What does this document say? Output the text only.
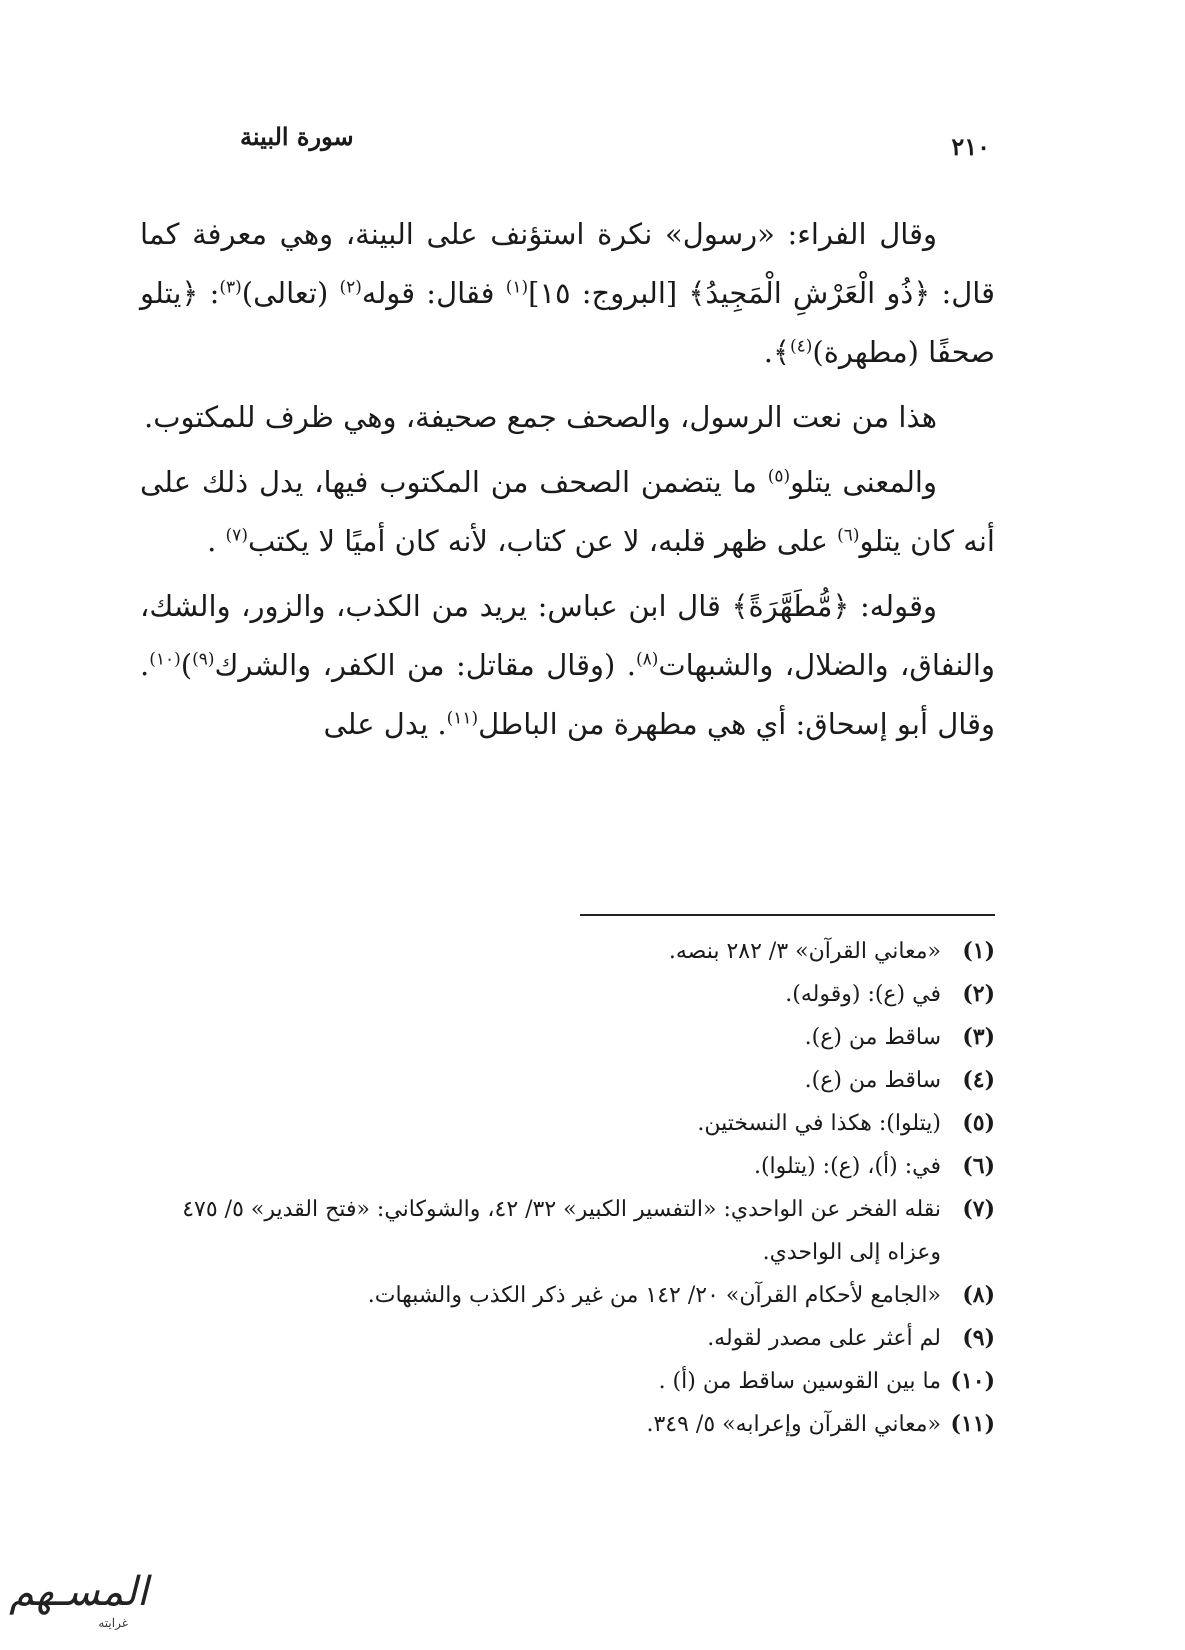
٢١٠
سورة البينة

وقال الفراء: «رسول» نكرة استؤنف على البينة، وهي معرفة كما قال: ﴿ذُو الْعَرْشِ الْمَجِيدُ﴾ [البروج: ١٥]$^{(١)}$ فقال: قوله$^{(٢)}$ (تعالى)$^{(٣)}$: ﴿يتلو صحفًا (مطهرة)$^{(٤)}$﴾.

هذا من نعت الرسول، والصحف جمع صحيفة، وهي ظرف للمكتوب.

والمعنى يتلو$^{(٥)}$ ما يتضمن الصحف من المكتوب فيها، يدل ذلك على أنه كان يتلو$^{(٦)}$ على ظهر قلبه، لا عن كتاب، لأنه كان أميًا لا يكتب$^{(٧)}$ .

وقوله: ﴿مُّطَهَّرَةً﴾ قال ابن عباس: يريد من الكذب، والزور، والشك، والنفاق، والضلال، والشبهات$^{(٨)}$. (وقال مقاتل: من الكفر، والشرك$^{(٩)}$)$^{(١٠)}$. وقال أبو إسحاق: أي هي مطهرة من الباطل$^{(١١)}$. يدل على

(١)
«معاني القرآن» ٣/ ٢٨٢ بنصه.
(٢)
في (ع): (وقوله).
(٣)
ساقط من (ع).
(٤)
ساقط من (ع).
(٥)
(يتلوا): هكذا في النسختين.
(٦)
في: (أ)، (ع): (يتلوا).
(٧)
نقله الفخر عن الواحدي: «التفسير الكبير» ٣٢/ ٤٢، والشوكاني: «فتح القدير» ٥/ ٤٧٥ وعزاه إلى الواحدي.
(٨)
«الجامع لأحكام القرآن» ٢٠/ ١٤٢ من غير ذكر الكذب والشبهات.
(٩)
لم أعثر على مصدر لقوله.
(١٠)
ما بين القوسين ساقط من (أ) .
(١١)
«معاني القرآن وإعرابه» ٥/ ٣٤٩.
المسـهم
غرايته
